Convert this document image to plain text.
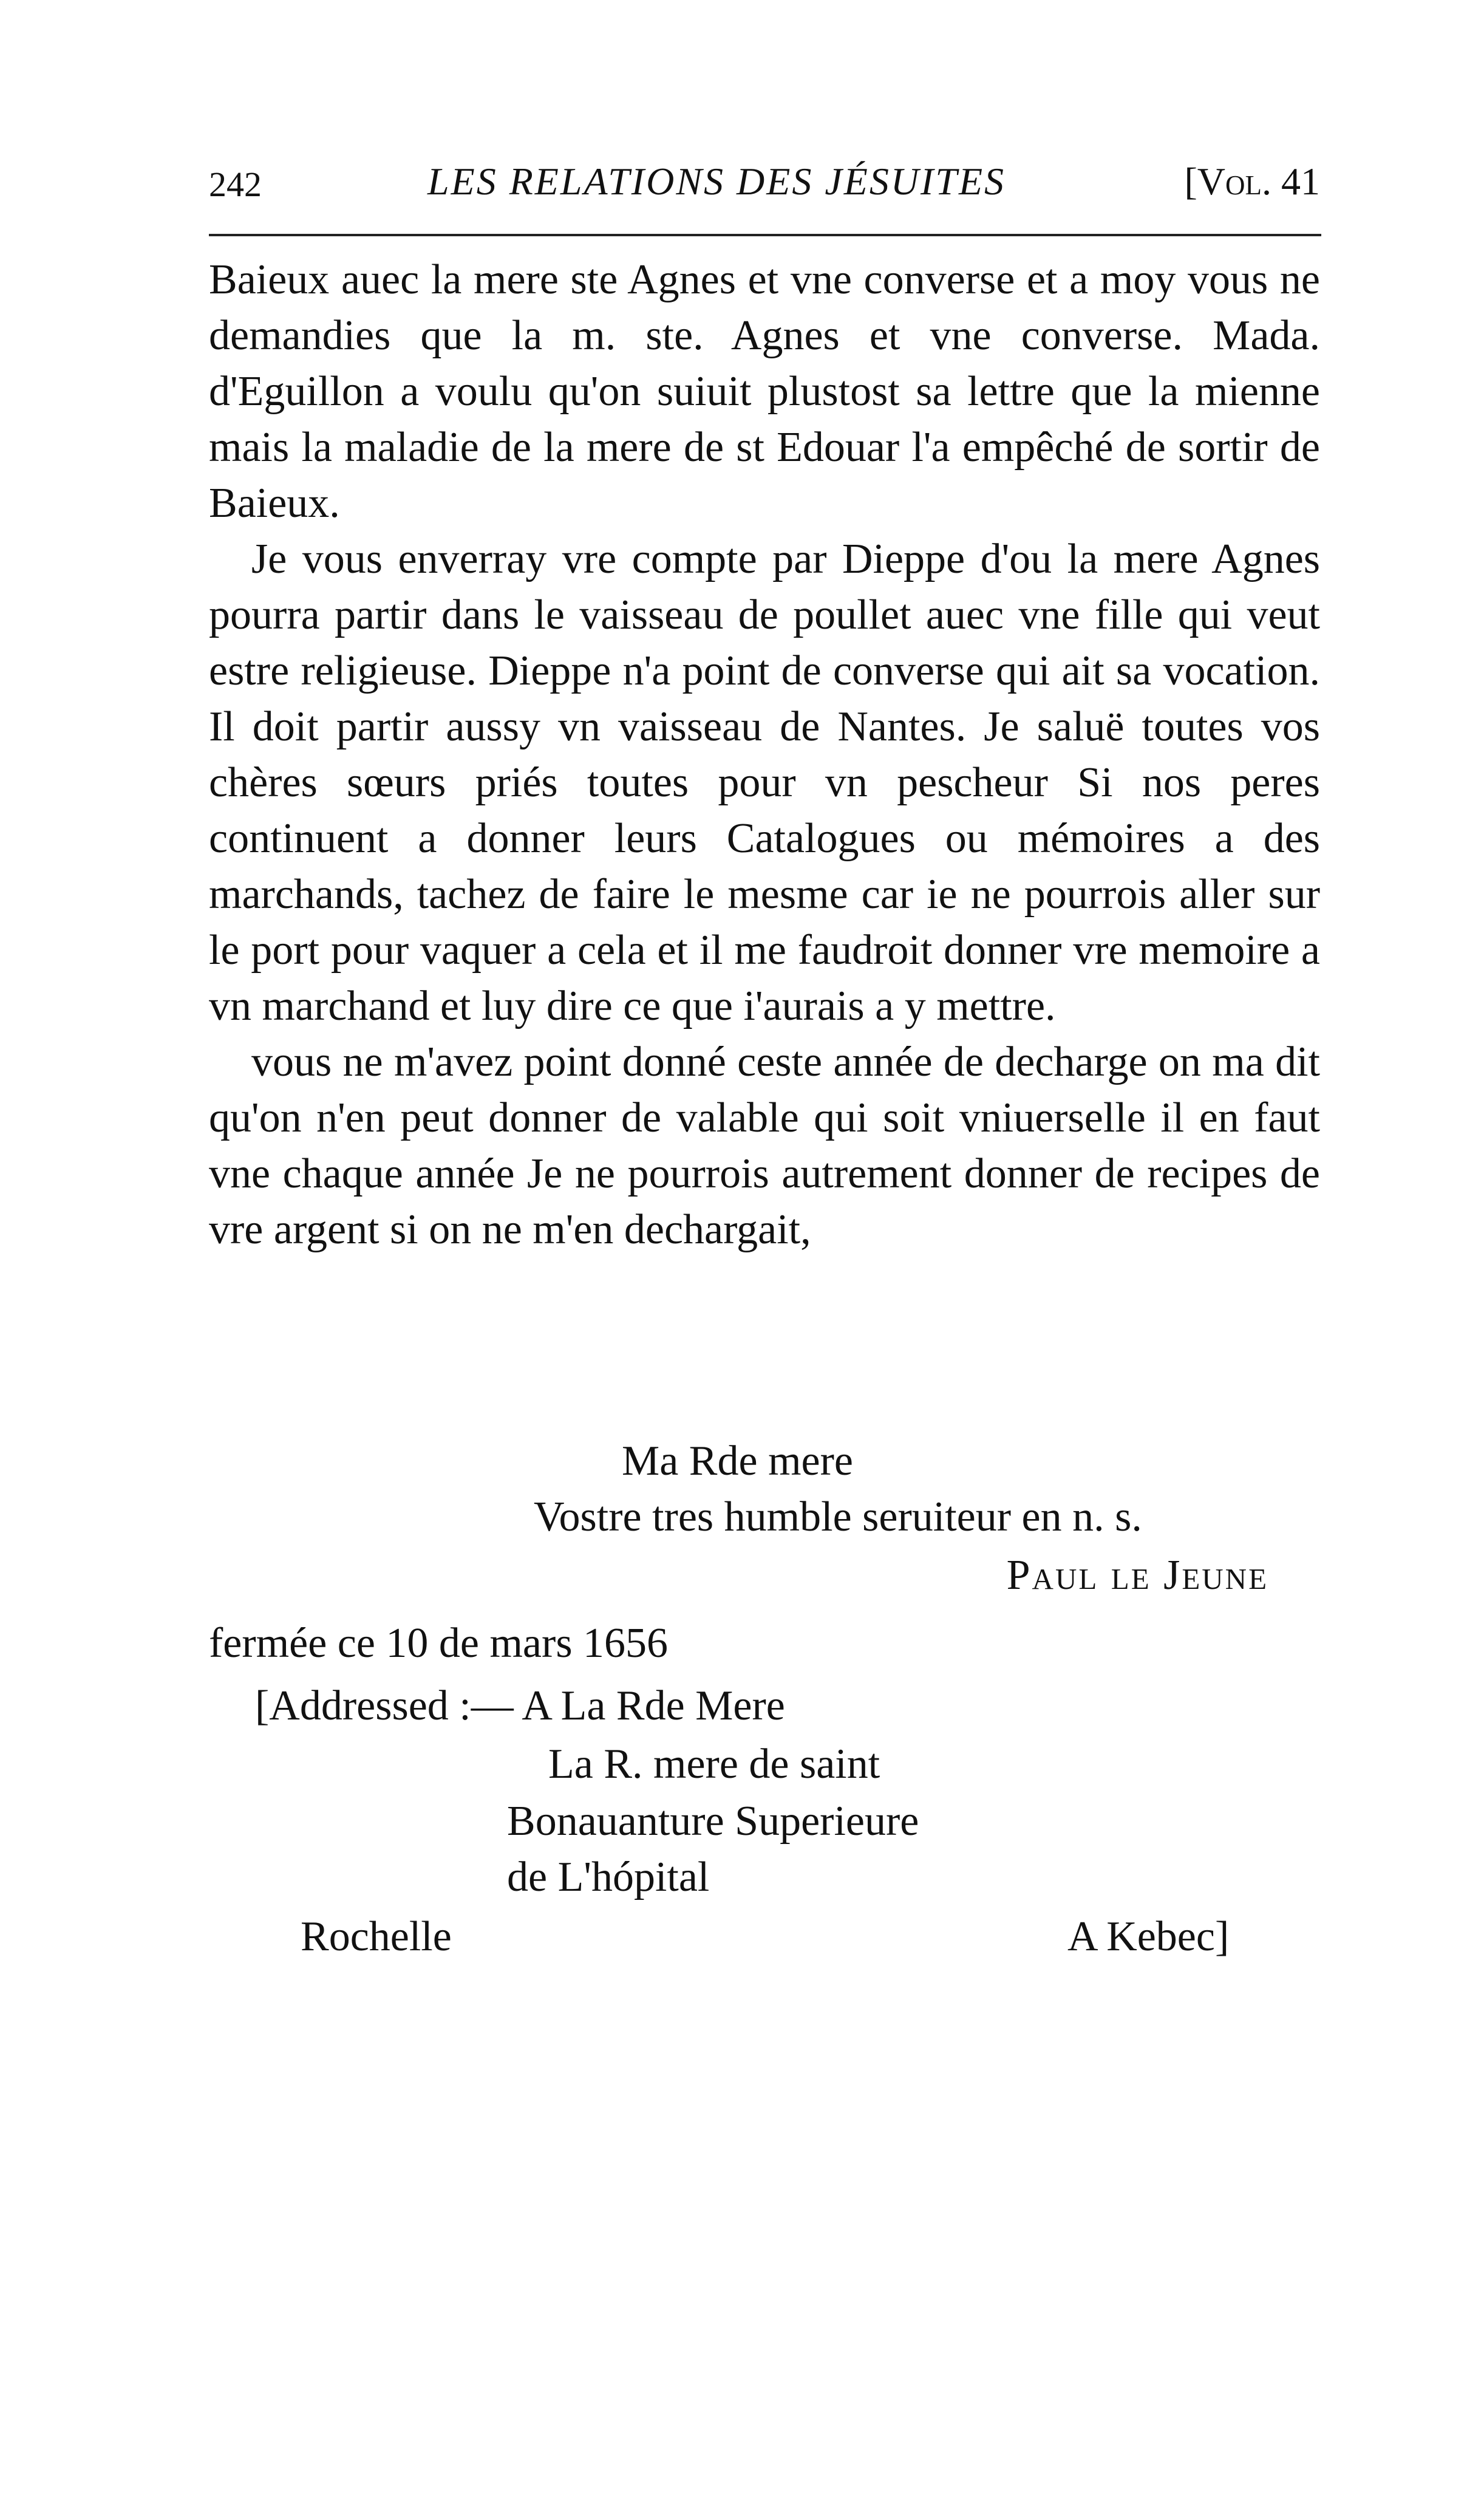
242	LES RELATIONS DES JÉSUITES	[Vol. 41

Baieux auec la mere ste Agnes et vne converse et a moy vous ne demandies que la m. ste. Agnes et vne converse. Mada. d'Eguillon a voulu qu'on suiuit plustost sa lettre que la mienne mais la maladie de la mere de st Edouar l'a empêché de sortir de Baieux.

Je vous enverray vre compte par Dieppe d'ou la mere Agnes pourra partir dans le vaisseau de poullet auec vne fille qui veut estre religieuse. Dieppe n'a point de converse qui ait sa vocation. Il doit partir aussy vn vaisseau de Nantes. Je saluë toutes vos chères sœurs priés toutes pour vn pescheur Si nos peres continuent a donner leurs Catalogues ou mémoires a des marchands, tachez de faire le mesme car ie ne pourrois aller sur le port pour vaquer a cela et il me faudroit donner vre memoire a vn marchand et luy dire ce que i'aurais a y mettre.

vous ne m'avez point donné ceste année de decharge on ma dit qu'on n'en peut donner de valable qui soit vniuerselle il en faut vne chaque année Je ne pourrois autrement donner de recipes de vre argent si on ne m'en dechargait,

Ma Rde mere
Vostre tres humble seruiteur en n. s.
Paul le Jeune
fermée ce 10 de mars 1656
[Addressed :— A La Rde Mere
La R. mere de saint
Bonauanture Superieure
de L'hópital
Rochelle	A Kebec]
